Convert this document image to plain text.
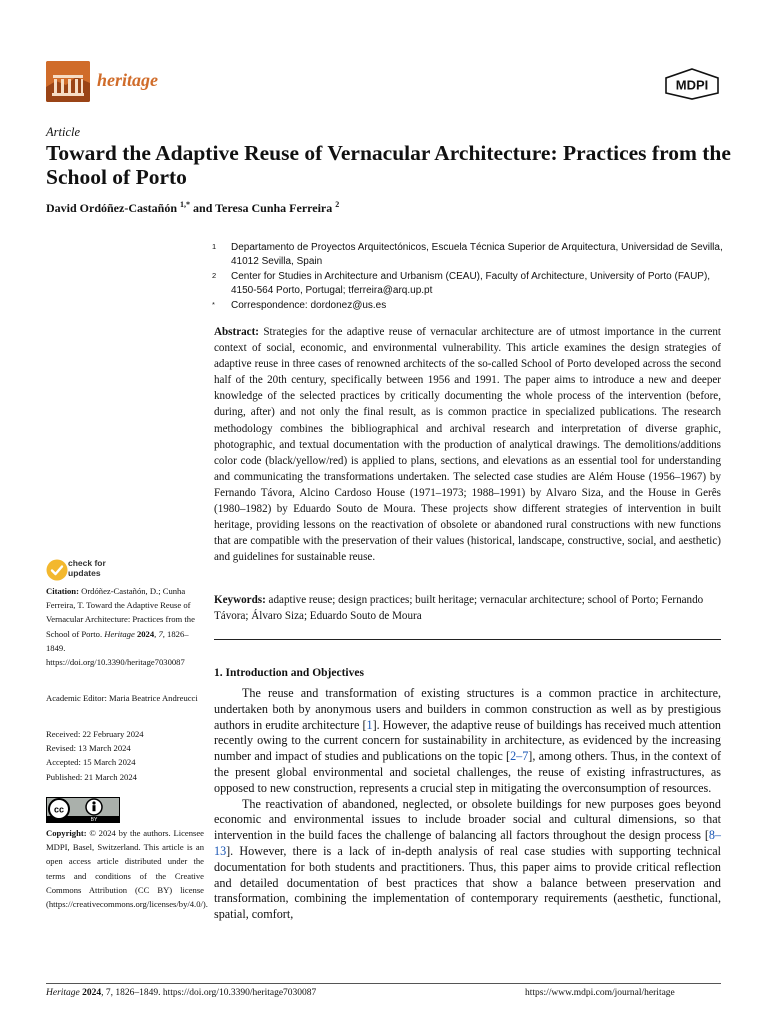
heritage	MDPI
Article
Toward the Adaptive Reuse of Vernacular Architecture: Practices from the School of Porto
David Ordóñez-Castañón $^{1,*}$ and Teresa Cunha Ferreira $^2$
1	Departamento de Proyectos Arquitectónicos, Escuela Técnica Superior de Arquitectura, Universidad de Sevilla, 41012 Sevilla, Spain
2	Center for Studies in Architecture and Urbanism (CEAU), Faculty of Architecture, University of Porto (FAUP), 4150-564 Porto, Portugal; tferreira@arq.up.pt
*	Correspondence: dordonez@us.es
Abstract: Strategies for the adaptive reuse of vernacular architecture are of utmost importance in the current context of social, economic, and environmental vulnerability. This article examines the design strategies of adaptive reuse in three cases of renowned architects of the so-called School of Porto developed across the second half of the 20th century, specifically between 1956 and 1991. The paper aims to introduce a new and deeper knowledge of the selected practices by critically documenting the whole process of the intervention (before, during, after) and not only the final result, as is common practice in specialized publications. The research methodology combines the bibliographical and archival research and interpretation of diverse graphic, photographic, and textual documentation with the production of analytical drawings. The demolitions/additions color code (black/yellow/red) is applied to plans, sections, and elevations as an essential tool for understanding and communicating the transformations undertaken. The selected case studies are Além House (1956–1967) by Fernando Távora, Alcino Cardoso House (1971–1973; 1988–1991) by Alvaro Siza, and the House in Gerês (1980–1982) by Eduardo Souto de Moura. These projects show different strategies of intervention in built heritage, providing lessons on the reactivation of obsolete or abandoned rural constructions with new functions that are compatible with the preservation of their values (historical, landscape, constructive, social, and aesthetic) and guidelines for sustainable reuse.
Keywords: adaptive reuse; design practices; built heritage; vernacular architecture; school of Porto; Fernando Távora; Álvaro Siza; Eduardo Souto de Moura
1. Introduction and Objectives

The reuse and transformation of existing structures is a common practice in architecture, undertaken both by anonymous users and builders in common construction as well as by prestigious authors in erudite architecture [1]. However, the adaptive reuse of buildings has received much attention recently owing to the current concern for sustainability in architecture, as evidenced by the increasing number and impact of studies and publications on the topic [2–7], among others. Thus, in the context of the present global environmental and societal challenges, the reuse of existing infrastructures, as opposed to new construction, represents a crucial step in mitigating the overconsumption of resources.

The reactivation of abandoned, neglected, or obsolete buildings for new purposes goes beyond economic and environmental issues to include broader social and cultural dimensions, so that intervention in the build faces the challenge of balancing all factors throughout the design process [8–13]. However, there is a lack of in-depth analysis of real case studies with supporting technical documentation for both students and practitioners. Thus, this paper aims to provide critical reflection and detailed documentation of best practices that show a balance between preservation and transformation, combining the implementation of contemporary requirements (aesthetic, functional, spatial, comfort,

check for
updates
Citation: Ordóñez-Castañón, D.; Cunha Ferreira, T. Toward the Adaptive Reuse of Vernacular Architecture: Practices from the School of Porto. Heritage 2024, 7, 1826–1849. https://doi.org/10.3390/heritage7030087
Academic Editor: Maria Beatrice Andreucci
Received: 22 February 2024
Revised: 13 March 2024
Accepted: 15 March 2024
Published: 21 March 2024
cc
BY
Copyright: © 2024 by the authors. Licensee MDPI, Basel, Switzerland. This article is an open access article distributed under the terms and conditions of the Creative Commons Attribution (CC BY) license (https://creativecommons.org/licenses/by/4.0/).
Heritage 2024, 7, 1826–1849. https://doi.org/10.3390/heritage7030087	https://www.mdpi.com/journal/heritage
